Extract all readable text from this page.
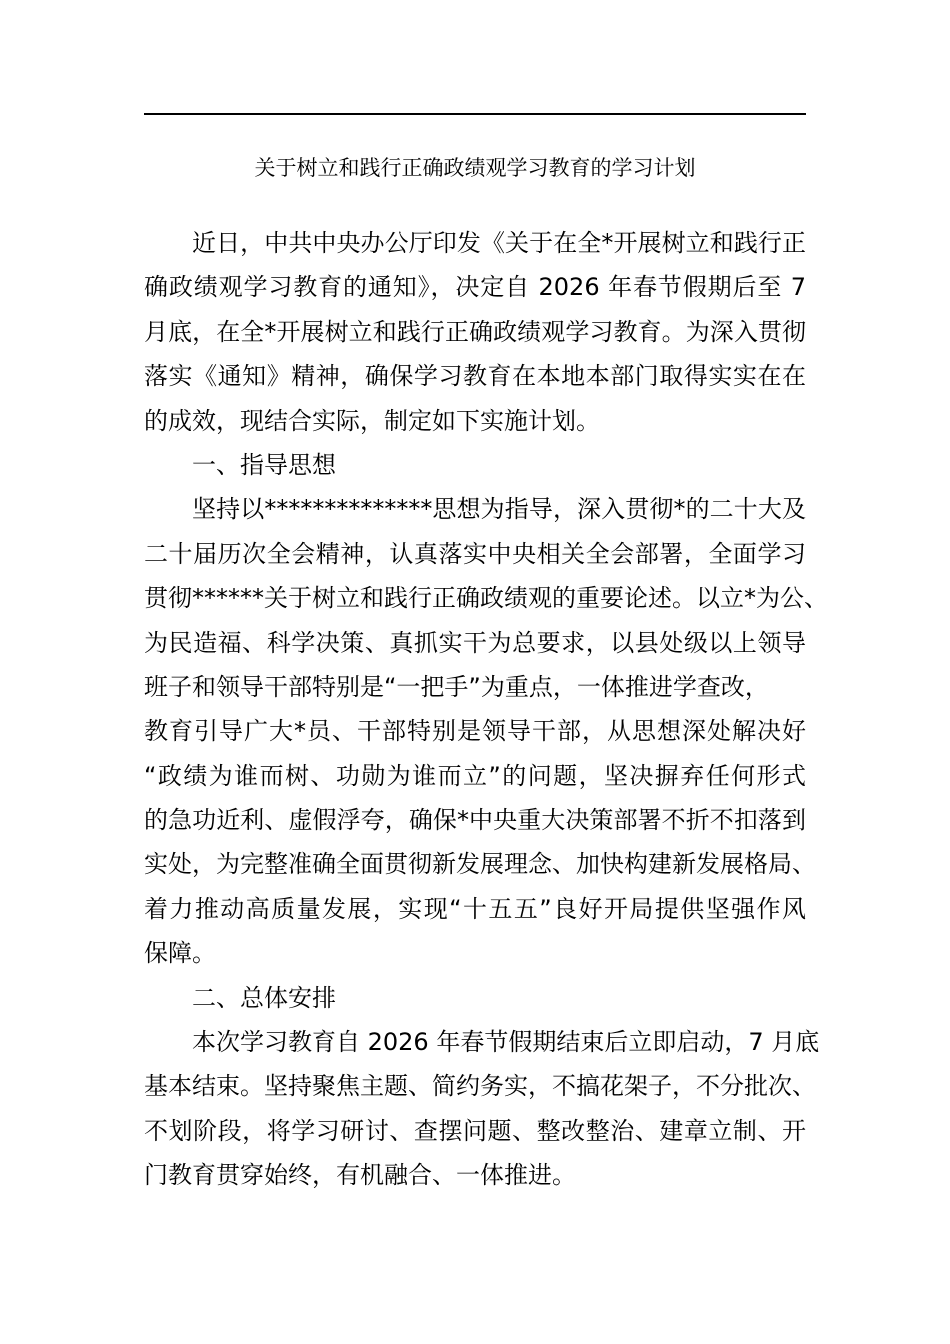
关于树立和践行正确政绩观学习教育的学习计划
近日，中共中央办公厅印发《关于在全*开展树立和践行正
确政绩观学习教育的通知》，决定自 2026 年春节假期后至 7
月底，在全*开展树立和践行正确政绩观学习教育。为深入贯彻
落实《通知》精神，确保学习教育在本地本部门取得实实在在
的成效，现结合实际，制定如下实施计划。
一、指导思想
坚持以**************思想为指导，深入贯彻*的二十大及
二十届历次全会精神，认真落实中央相关全会部署，全面学习
贯彻******关于树立和践行正确政绩观的重要论述。以立*为公、
为民造福、科学决策、真抓实干为总要求，以县处级以上领导
班子和领导干部特别是“一把手”为重点，一体推进学查改，
教育引导广大*员、干部特别是领导干部，从思想深处解决好
“政绩为谁而树、功勋为谁而立”的问题，坚决摒弃任何形式
的急功近利、虚假浮夸，确保*中央重大决策部署不折不扣落到
实处，为完整准确全面贯彻新发展理念、加快构建新发展格局、
着力推动高质量发展，实现“十五五”良好开局提供坚强作风
保障。
二、总体安排
本次学习教育自 2026 年春节假期结束后立即启动，7 月底
基本结束。坚持聚焦主题、简约务实，不搞花架子，不分批次、
不划阶段，将学习研讨、查摆问题、整改整治、建章立制、开
门教育贯穿始终，有机融合、一体推进。
